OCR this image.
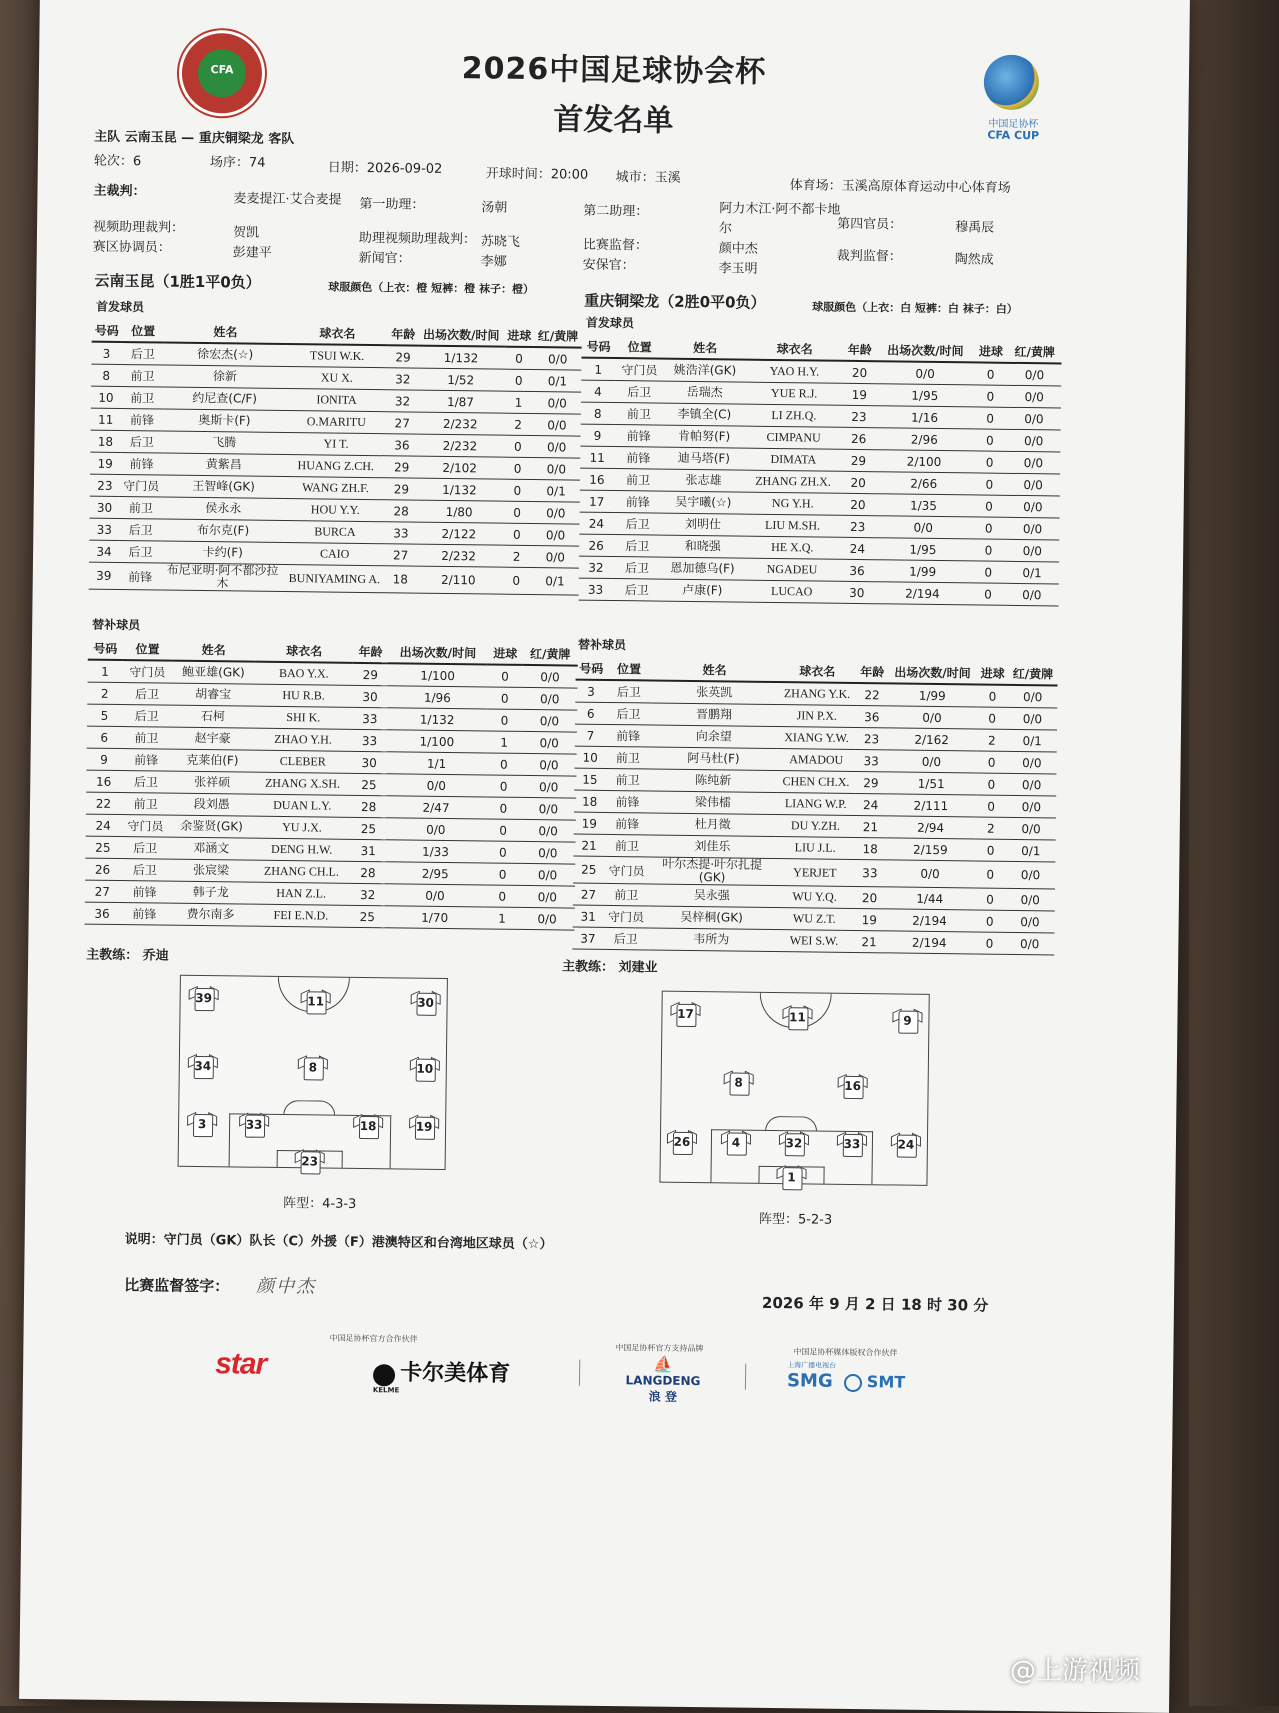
CFA
中国足协杯
CFA CUP
2026中国足球协会杯
首发名单
主队 云南玉昆 — 重庆铜梁龙 客队
轮次：6	场序：74	日期：2026-09-02	开球时间：20:00 城市：玉溪
体育场：玉溪高原体育运动中心体育场
主裁判：	麦麦提江·艾合麦提 第一助理：	汤朝	第二助理：	阿力木江·阿不都卡地
尔	第四官员：	穆禹辰
视频助理裁判：	贺凯	助理视频助理裁判： 苏晓飞	比赛监督：	颜中杰	裁判监督：	陶然成
赛区协调员：	彭建平	新闻官：	李娜	安保官：	李玉明
云南玉昆（1胜1平0负）	球服颜色（上衣：橙 短裤：橙 袜子：橙）
首发球员
号码	位置	姓名	球衣名	年龄	出场次数/时间	进球	红/黄牌
3	后卫	徐宏杰(☆)	TSUI W.K.	29	1/132	0	0/0
8	前卫	徐新	XU X.	32	1/52	0	0/1
10	前卫	约尼查(C/F)	IONITA	32	1/87	1	0/0
11	前锋	奥斯卡(F)	O.MARITU	27	2/232	2	0/0
18	后卫	飞腾	YI T.	36	2/232	0	0/0
19	前锋	黄紫昌	HUANG Z.CH.	29	2/102	0	0/0
23	守门员	王智峰(GK)	WANG ZH.F.	29	1/132	0	0/1
30	前卫	侯永永	HOU Y.Y.	28	1/80	0	0/0
33	后卫	布尔克(F)	BURCA	33	2/122	0	0/0
34	后卫	卡约(F)	CAIO	27	2/232	2	0/0
39	前锋	布尼亚明·阿不都沙拉木	BUNIYAMING A.	18	2/110	0	0/1
替补球员
号码	位置	姓名	球衣名	年龄	出场次数/时间	进球	红/黄牌
1	守门员	鲍亚雄(GK)	BAO Y.X.	29	1/100	0	0/0
2	后卫	胡睿宝	HU R.B.	30	1/96	0	0/0
5	后卫	石柯	SHI K.	33	1/132	0	0/0
6	前卫	赵宇豪	ZHAO Y.H.	33	1/100	1	0/0
9	前锋	克莱伯(F)	CLEBER	30	1/1	0	0/0
16	后卫	张祥硕	ZHANG X.SH.	25	0/0	0	0/0
22	前卫	段刘愚	DUAN L.Y.	28	2/47	0	0/0
24	守门员	余鉴贤(GK)	YU J.X.	25	0/0	0	0/0
25	后卫	邓涵文	DENG H.W.	31	1/33	0	0/0
26	后卫	张宸梁	ZHANG CH.L.	28	2/95	0	0/0
27	前锋	韩子龙	HAN Z.L.	32	0/0	0	0/0
36	前锋	费尔南多	FEI E.N.D.	25	1/70	1	0/0
主教练： 乔迪
重庆铜梁龙（2胜0平0负）	球服颜色（上衣：白 短裤：白 袜子：白）
首发球员
号码	位置	姓名	球衣名	年龄	出场次数/时间	进球	红/黄牌
1	守门员	姚浩洋(GK)	YAO H.Y.	20	0/0	0	0/0
4	后卫	岳瑞杰	YUE R.J.	19	1/95	0	0/0
8	前卫	李镇全(C)	LI ZH.Q.	23	1/16	0	0/0
9	前锋	肯帕努(F)	CIMPANU	26	2/96	0	0/0
11	前锋	迪马塔(F)	DIMATA	29	2/100	0	0/0
16	前卫	张志雄	ZHANG ZH.X.	20	2/66	0	0/0
17	前锋	吴宇曦(☆)	NG Y.H.	20	1/35	0	0/0
24	后卫	刘明仕	LIU M.SH.	23	0/0	0	0/0
26	后卫	和晓强	HE X.Q.	24	1/95	0	0/0
32	后卫	恩加德乌(F)	NGADEU	36	1/99	0	0/1
33	后卫	卢康(F)	LUCAO	30	2/194	0	0/0
替补球员
号码	位置	姓名	球衣名	年龄	出场次数/时间	进球	红/黄牌
3	后卫	张英凯	ZHANG Y.K.	22	1/99	0	0/0
6	后卫	晋鹏翔	JIN P.X.	36	0/0	0	0/0
7	前锋	向余望	XIANG Y.W.	23	2/162	2	0/1
10	前卫	阿马杜(F)	AMADOU	33	0/0	0	0/0
15	前卫	陈纯新	CHEN CH.X.	29	1/51	0	0/0
18	前锋	梁伟檑	LIANG W.P.	24	2/111	0	0/0
19	前锋	杜月徵	DU Y.ZH.	21	2/94	2	0/0
21	前卫	刘佳乐	LIU J.L.	18	2/159	0	0/1
25	守门员	叶尔杰提·叶尔扎提(GK)	YERJET	33	0/0	0	0/0
27	前卫	吴永强	WU Y.Q.	20	1/44	0	0/0
31	守门员	吴梓桐(GK)	WU Z.T.	19	2/194	0	0/0
37	后卫	韦所为	WEI S.W.	21	2/194	0	0/0
主教练： 刘建业
39	11	30
34	8	10
3	33	18	19
23
阵型：4-3-3
17	11	9
8	16
26	4	32	33	24
1
阵型：5-2-3
说明：守门员（GK）队长（C）外援（F）港澳特区和台湾地区球员（☆）
比赛监督签字： 颜中杰
2026 年 9 月 2 日 18 时 30 分
中国足协杯官方合作伙伴
中国足协杯官方支持品牌	中国足协杯媒体版权合作伙伴
star	卡尔美体育
KELME
⛵
LANGDENG
浪 登
上海广播电视台
SMG SMT
@上游视频
